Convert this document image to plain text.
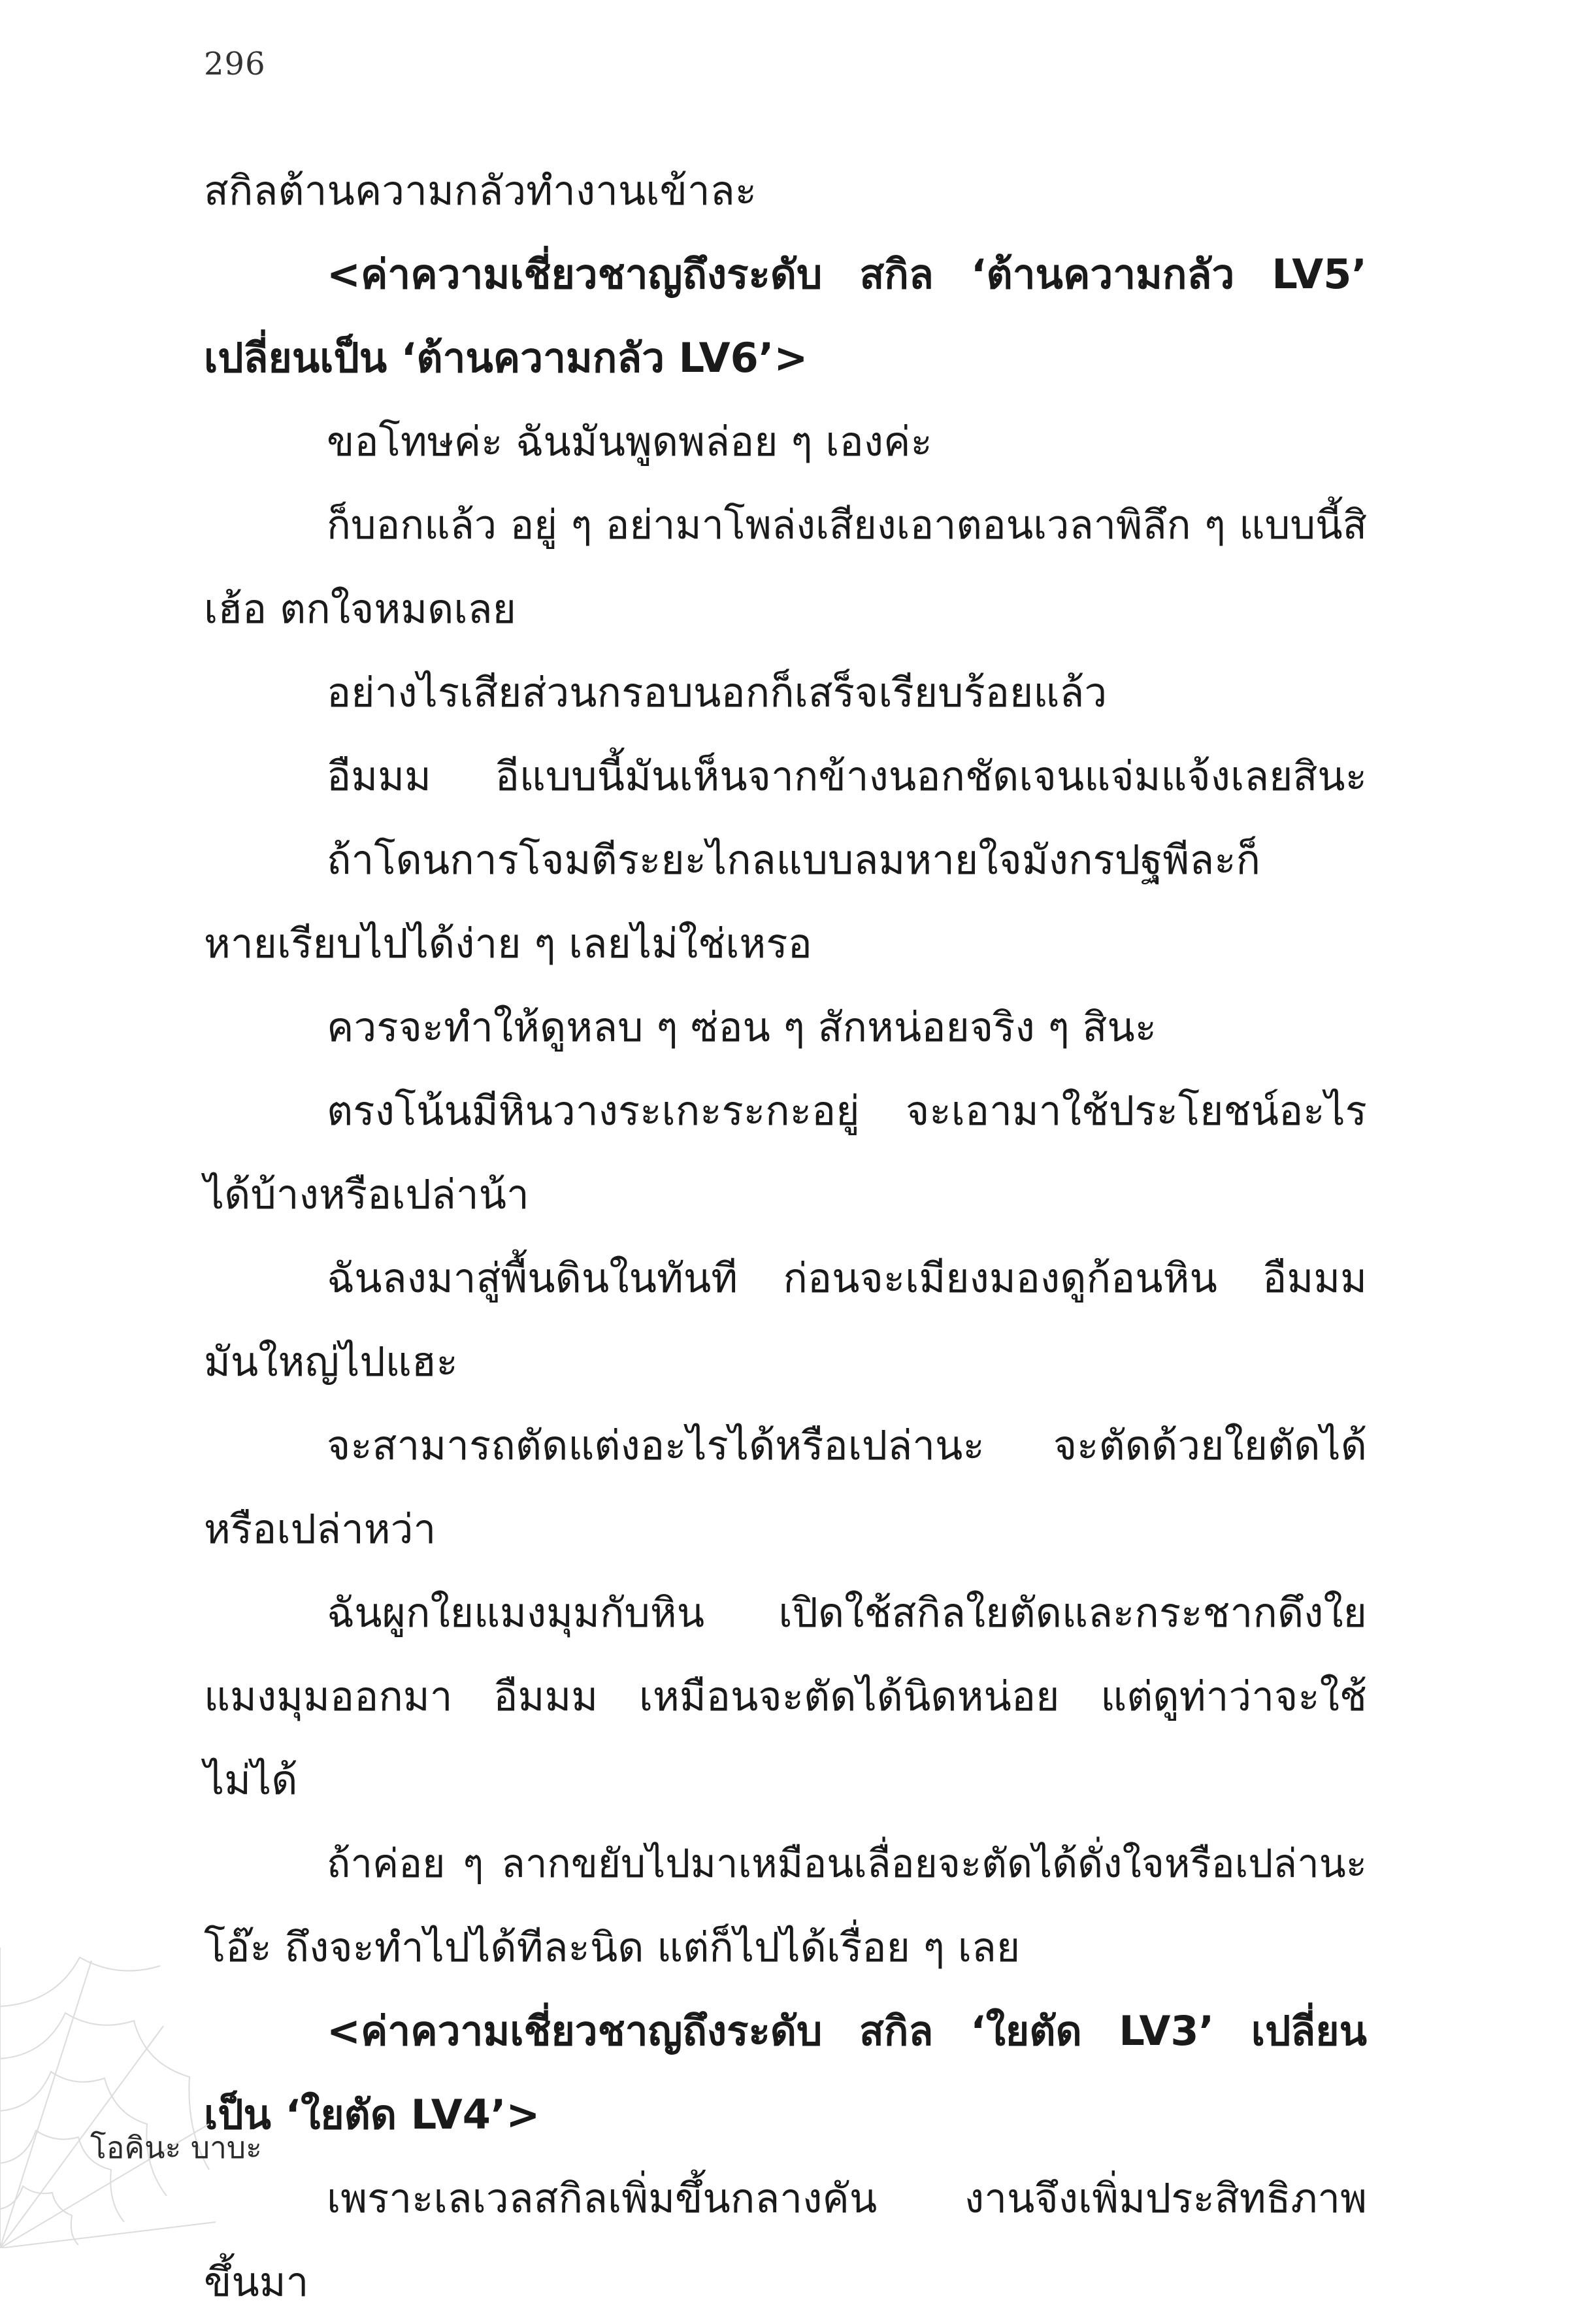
296
สกิลต้านความกลัวทำงานเข้าละ
<ค่าความเชี่ยวชาญถึงระดับ สกิล ‘ต้านความกลัว LV5’
เปลี่ยนเป็น ‘ต้านความกลัว LV6’>
ขอโทษค่ะ ฉันมันพูดพล่อย ๆ เองค่ะ
ก็บอกแล้ว อยู่ ๆ อย่ามาโพล่งเสียงเอาตอนเวลาพิลึก ๆ แบบนี้สิ
เฮ้อ ตกใจหมดเลย
อย่างไรเสียส่วนกรอบนอกก็เสร็จเรียบร้อยแล้ว
อืมมม อีแบบนี้มันเห็นจากข้างนอกชัดเจนแจ่มแจ้งเลยสินะ
ถ้าโดนการโจมตีระยะไกลแบบลมหายใจมังกรปฐพีละก็
หายเรียบไปได้ง่าย ๆ เลยไม่ใช่เหรอ
ควรจะทำให้ดูหลบ ๆ ซ่อน ๆ สักหน่อยจริง ๆ สินะ
ตรงโน้นมีหินวางระเกะระกะอยู่ จะเอามาใช้ประโยชน์อะไร
ได้บ้างหรือเปล่าน้า
ฉันลงมาสู่พื้นดินในทันที ก่อนจะเมียงมองดูก้อนหิน อืมมม
มันใหญ่ไปแฮะ
จะสามารถตัดแต่งอะไรได้หรือเปล่านะ จะตัดด้วยใยตัดได้
หรือเปล่าหว่า
ฉันผูกใยแมงมุมกับหิน เปิดใช้สกิลใยตัดและกระชากดึงใย
แมงมุมออกมา อืมมม เหมือนจะตัดได้นิดหน่อย แต่ดูท่าว่าจะใช้
ไม่ได้
ถ้าค่อย ๆ ลากขยับไปมาเหมือนเลื่อยจะตัดได้ดั่งใจหรือเปล่านะ
โอ๊ะ ถึงจะทำไปได้ทีละนิด แต่ก็ไปได้เรื่อย ๆ เลย
<ค่าความเชี่ยวชาญถึงระดับ สกิล ‘ใยตัด LV3’ เปลี่ยน
เป็น ‘ใยตัด LV4’>
เพราะเลเวลสกิลเพิ่มขึ้นกลางคัน งานจึงเพิ่มประสิทธิภาพ
ขึ้นมา
โอคินะ บาบะ
